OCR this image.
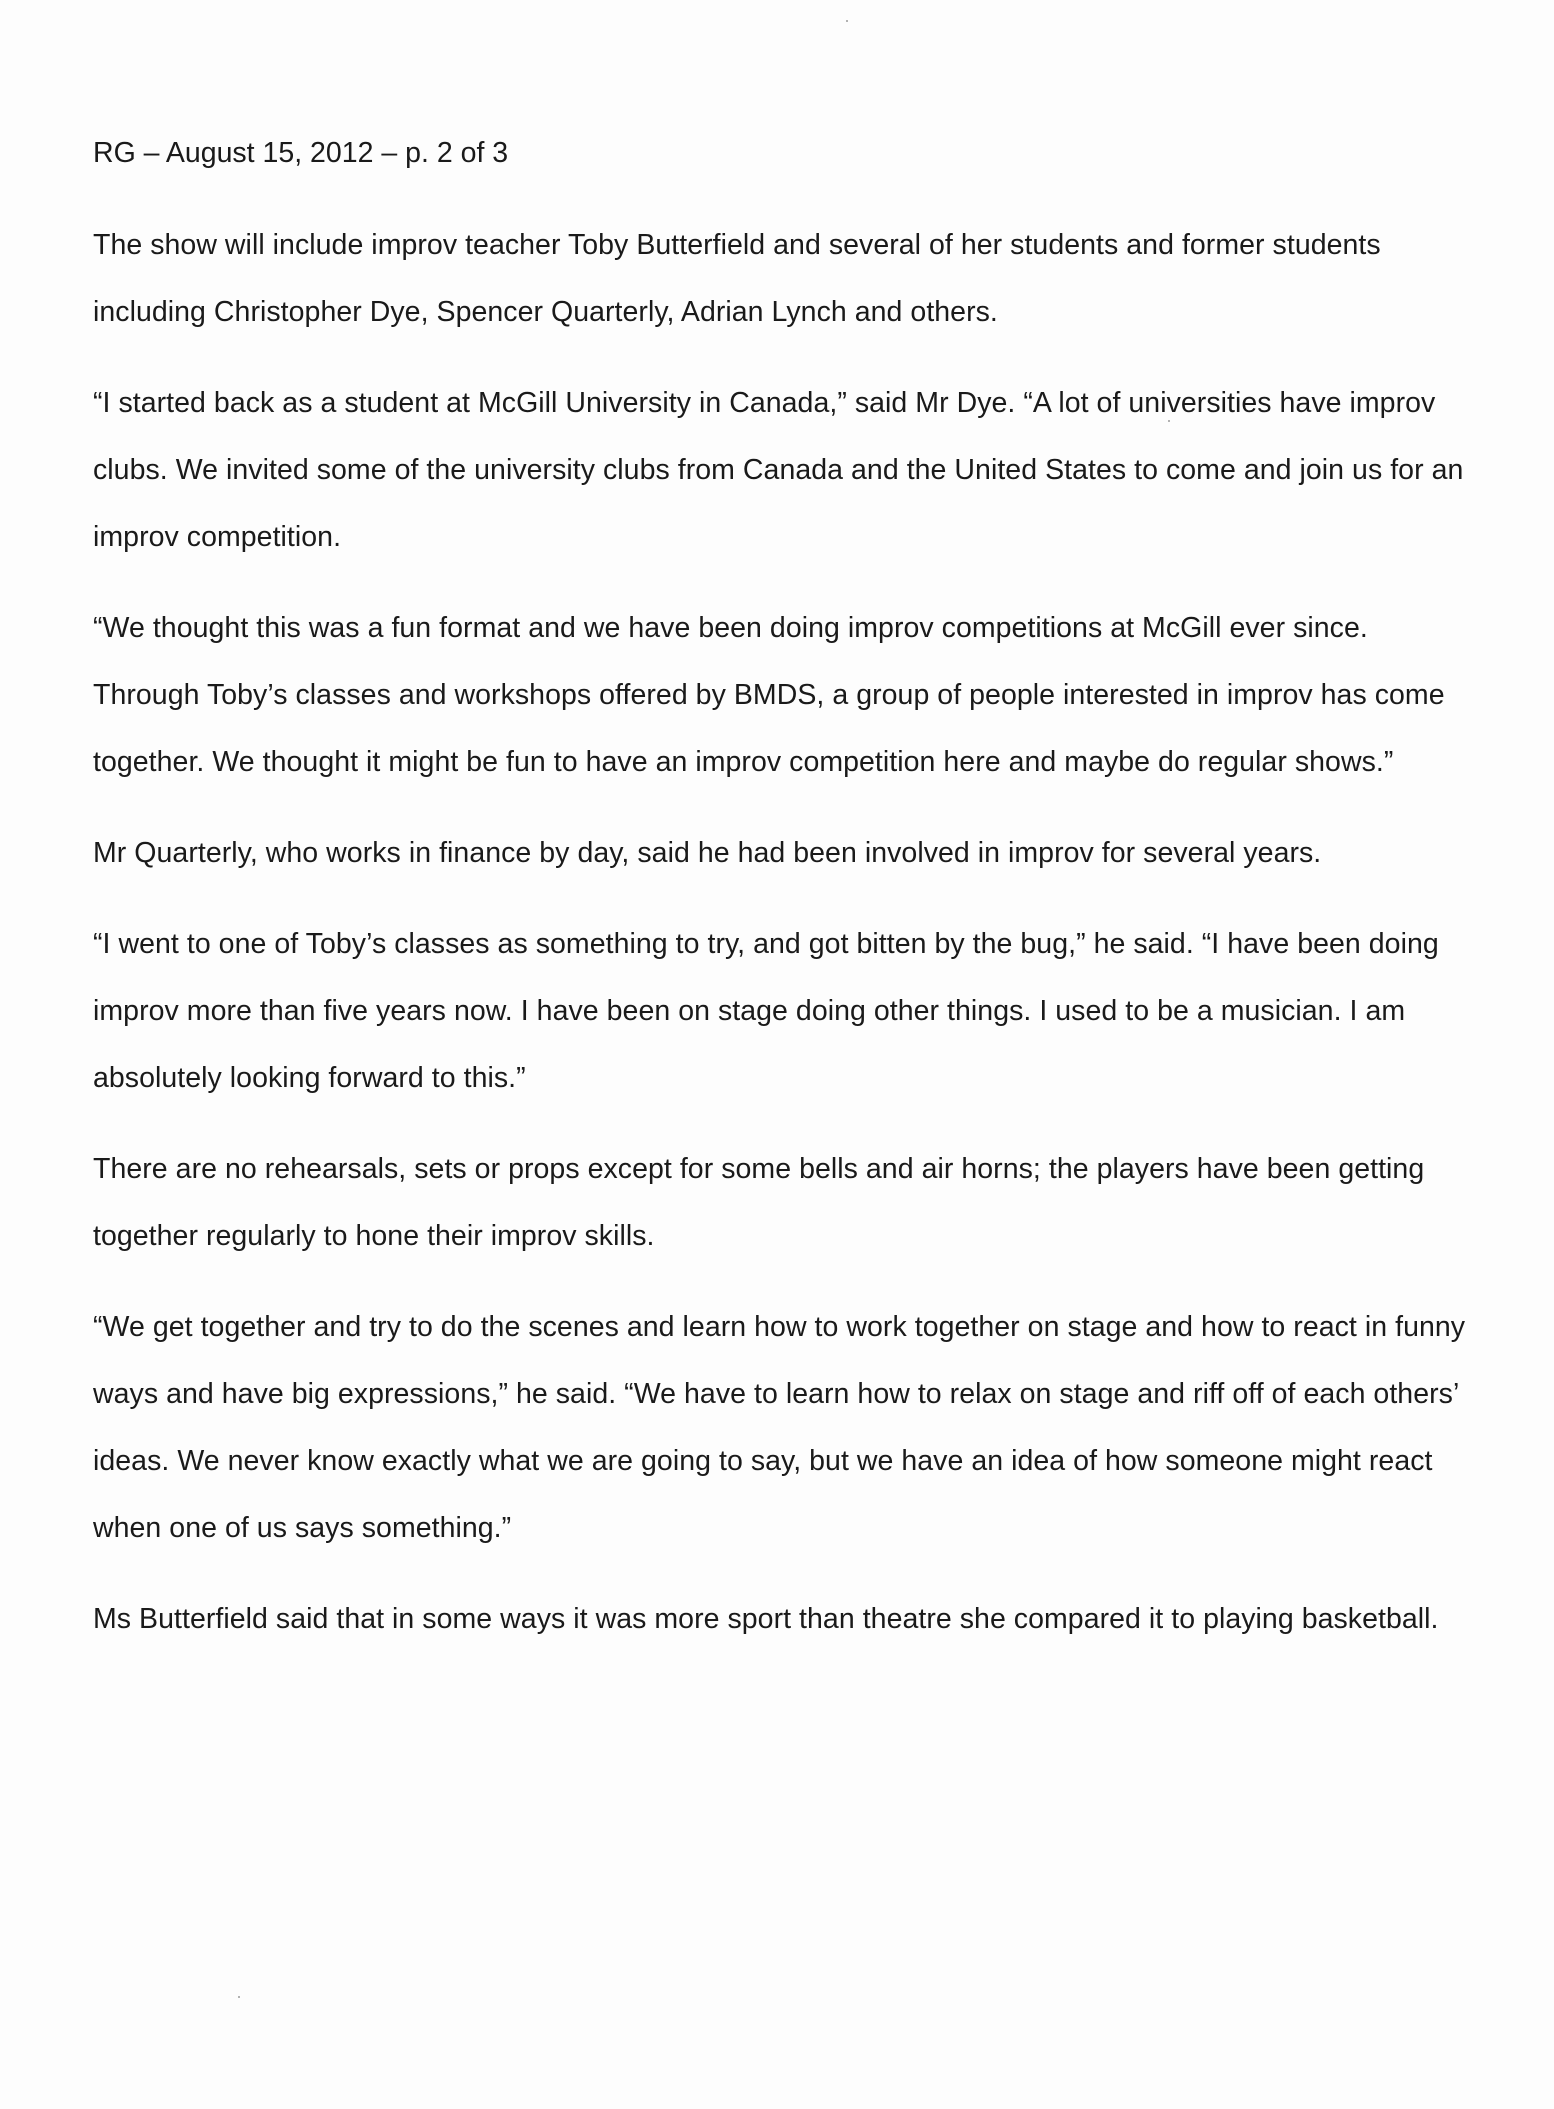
RG – August 15, 2012 – p. 2 of 3

The show will include improv teacher Toby Butterfield and several of her students and former students including Christopher Dye, Spencer Quarterly, Adrian Lynch and others.

“I started back as a student at McGill University in Canada,” said Mr Dye. “A lot of universities have improv clubs. We invited some of the university clubs from Canada and the United States to come and join us for an improv competition.

“We thought this was a fun format and we have been doing improv competitions at McGill ever since. Through Toby’s classes and workshops offered by BMDS, a group of people interested in improv has come together. We thought it might be fun to have an improv competition here and maybe do regular shows.”

Mr Quarterly, who works in finance by day, said he had been involved in improv for several years.

“I went to one of Toby’s classes as something to try, and got bitten by the bug,” he said. “I have been doing improv more than five years now. I have been on stage doing other things. I used to be a musician. I am absolutely looking forward to this.”

There are no rehearsals, sets or props except for some bells and air horns; the players have been getting together regularly to hone their improv skills.

“We get together and try to do the scenes and learn how to work together on stage and how to react in funny ways and have big expressions,” he said. “We have to learn how to relax on stage and riff off of each others’ ideas. We never know exactly what we are going to say, but we have an idea of how someone might react when one of us says something.”

Ms Butterfield said that in some ways it was more sport than theatre she compared it to playing basketball.
